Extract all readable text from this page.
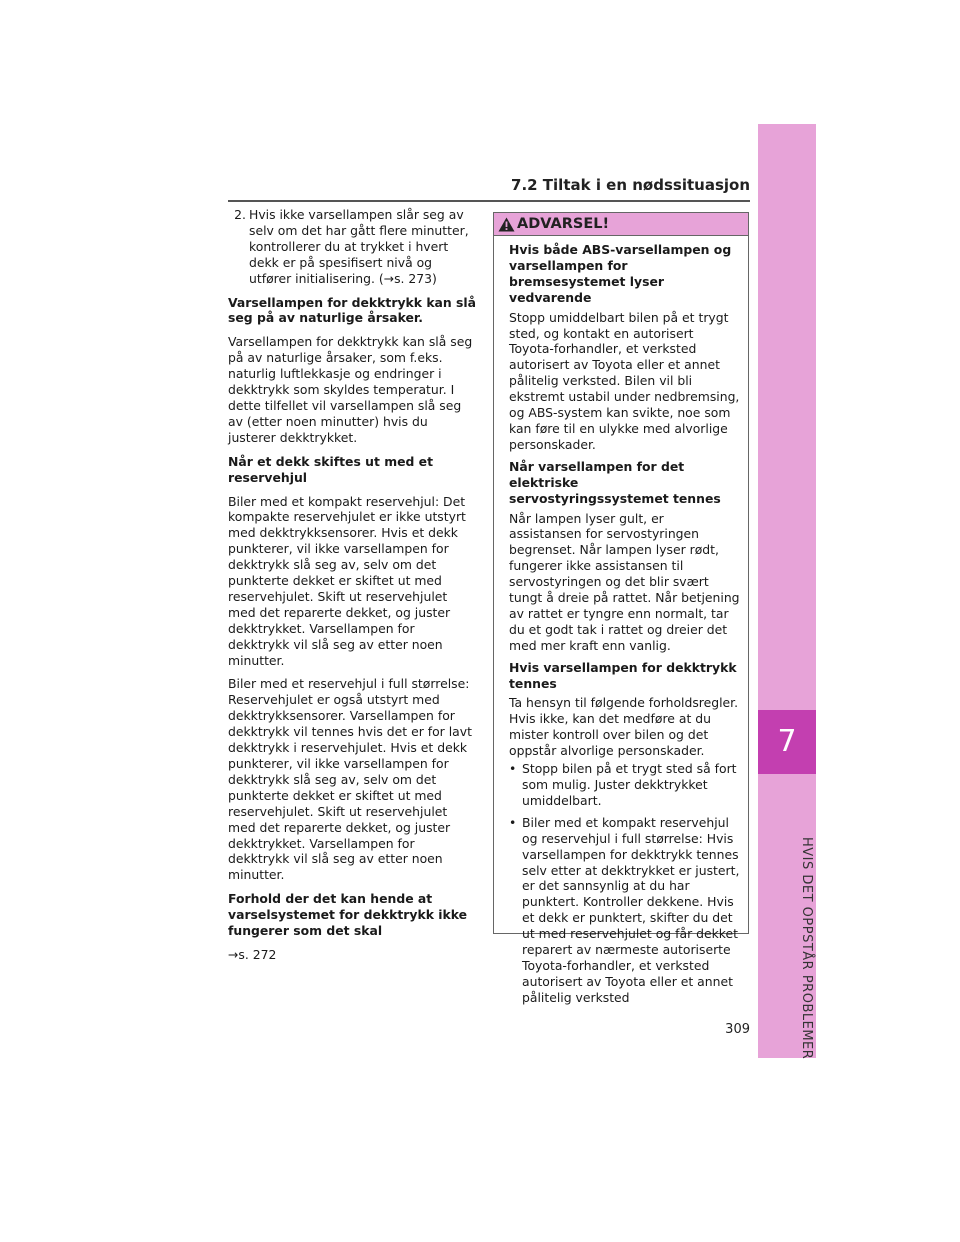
7.2 Tiltak i en nødssituasjon
7
HVIS DET OPPSTÅR PROBLEMER
2. Hvis ikke varsellampen slår seg av selv om det har gått flere minutter, kontrollerer du at trykket i hvert dekk er på spesifisert nivå og utfører initialisering. (→s. 273)

Varsellampen for dekktrykk kan slå seg på av naturlige årsaker.

Varsellampen for dekktrykk kan slå seg på av naturlige årsaker, som f.eks. naturlig luftlekkasje og endringer i dekktrykk som skyldes temperatur. I dette tilfellet vil varsellampen slå seg av (etter noen minutter) hvis du justerer dekktrykket.

Når et dekk skiftes ut med et reservehjul

Biler med et kompakt reservehjul: Det kompakte reservehjulet er ikke utstyrt med dekktrykksensorer. Hvis et dekk punkterer, vil ikke varsellampen for dekktrykk slå seg av, selv om det punkterte dekket er skiftet ut med reservehjulet. Skift ut reservehjulet med det reparerte dekket, og juster dekktrykket. Varsellampen for dekktrykk vil slå seg av etter noen minutter.

Biler med et reservehjul i full størrelse: Reservehjulet er også utstyrt med dekktrykksensorer. Varsellampen for dekktrykk vil tennes hvis det er for lavt dekktrykk i reservehjulet. Hvis et dekk punkterer, vil ikke varsellampen for dekktrykk slå seg av, selv om det punkterte dekket er skiftet ut med reservehjulet. Skift ut reservehjulet med det reparerte dekket, og juster dekktrykket. Varsellampen for dekktrykk vil slå seg av etter noen minutter.

Forhold der det kan hende at varselsystemet for dekktrykk ikke fungerer som det skal

→s. 272

ADVARSEL!

Hvis både ABS-varsellampen og varsellampen for bremsesystemet lyser vedvarende

Stopp umiddelbart bilen på et trygt sted, og kontakt en autorisert Toyota-forhandler, et verksted autorisert av Toyota eller et annet pålitelig verksted. Bilen vil bli ekstremt ustabil under nedbremsing, og ABS-system kan svikte, noe som kan føre til en ulykke med alvorlige personskader.

Når varsellampen for det elektriske servostyringssystemet tennes

Når lampen lyser gult, er assistansen for servostyringen begrenset. Når lampen lyser rødt, fungerer ikke assistansen til servostyringen og det blir svært tungt å dreie på rattet. Når betjening av rattet er tyngre enn normalt, tar du et godt tak i rattet og dreier det med mer kraft enn vanlig.

Hvis varsellampen for dekktrykk tennes

Ta hensyn til følgende forholdsregler. Hvis ikke, kan det medføre at du mister kontroll over bilen og det oppstår alvorlige personskader.

• Stopp bilen på et trygt sted så fort som mulig. Juster dekktrykket umiddelbart.
• Biler med et kompakt reservehjul og reservehjul i full størrelse: Hvis varsellampen for dekktrykk tennes selv etter at dekktrykket er justert, er det sannsynlig at du har punktert. Kontroller dekkene. Hvis et dekk er punktert, skifter du det ut med reservehjulet og får dekket reparert av nærmeste autoriserte Toyota-forhandler, et verksted autorisert av Toyota eller et annet pålitelig verksted
309
